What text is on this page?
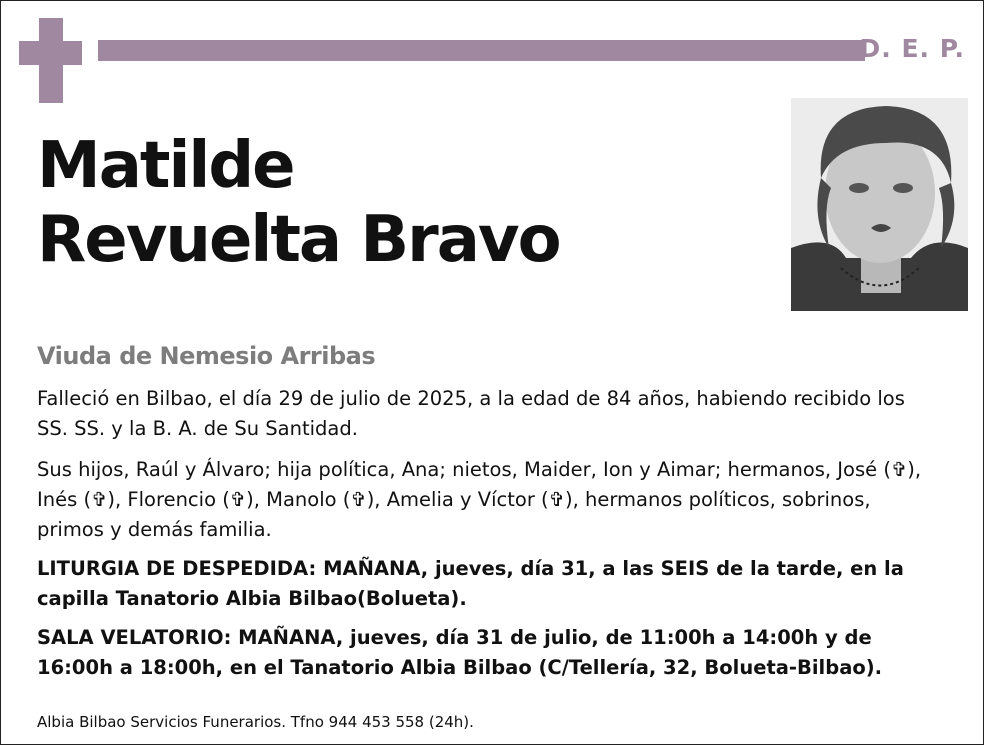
D. E. P.
Matilde
Revuelta Bravo
Viuda de Nemesio Arribas
Falleció en Bilbao, el día 29 de julio de 2025, a la edad de 84 años, habiendo recibido los SS. SS. y la B. A. de Su Santidad.
Sus hijos, Raúl y Álvaro; hija política, Ana; nietos, Maider, Ion y Aimar; hermanos, José (✞), Inés (✞), Florencio (✞), Manolo (✞), Amelia y Víctor (✞), hermanos políticos, sobrinos, primos y demás familia.
LITURGIA DE DESPEDIDA: MAÑANA, jueves, día 31, a las SEIS de la tarde, en la capilla Tanatorio Albia Bilbao(Bolueta).
SALA VELATORIO: MAÑANA, jueves, día 31 de julio, de 11:00h a 14:00h y de 16:00h a 18:00h, en el Tanatorio Albia Bilbao (C/Tellería, 32, Bolueta-Bilbao).
Albia Bilbao Servicios Funerarios. Tfno 944 453 558 (24h).
